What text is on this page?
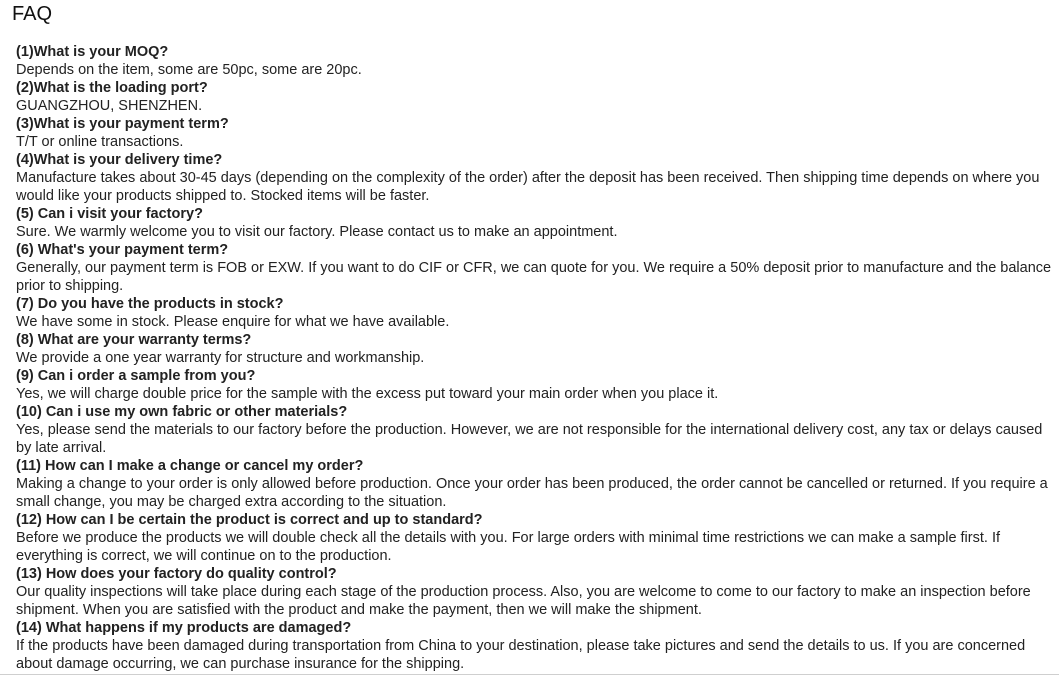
FAQ
(1)What is your MOQ?
Depends on the item, some are 50pc, some are 20pc.
(2)What is the loading port?
GUANGZHOU, SHENZHEN.
(3)What is your payment term?
T/T or online transactions.
(4)What is your delivery time?
Manufacture takes about 30-45 days (depending on the complexity of the order) after the deposit has been received. Then shipping time depends on where you would like your products shipped to. Stocked items will be faster.
(5) Can i visit your factory?
Sure. We warmly welcome you to visit our factory. Please contact us to make an appointment.
(6) What's your payment term?
Generally, our payment term is FOB or EXW. If you want to do CIF or CFR, we can quote for you. We require a 50% deposit prior to manufacture and the balance prior to shipping.
(7) Do you have the products in stock?
We have some in stock. Please enquire for what we have available.
(8) What are your warranty terms?
We provide a one year warranty for structure and workmanship.
(9) Can i order a sample from you?
Yes, we will charge double price for the sample with the excess put toward your main order when you place it.
(10) Can i use my own fabric or other materials?
Yes, please send the materials to our factory before the production. However, we are not responsible for the international delivery cost, any tax or delays caused by late arrival.
(11) How can I make a change or cancel my order?
Making a change to your order is only allowed before production. Once your order has been produced, the order cannot be cancelled or returned. If you require a small change, you may be charged extra according to the situation.
(12) How can I be certain the product is correct and up to standard?
Before we produce the products we will double check all the details with you. For large orders with minimal time restrictions we can make a sample first. If everything is correct, we will continue on to the production.
(13) How does your factory do quality control?
Our quality inspections will take place during each stage of the production process. Also, you are welcome to come to our factory to make an inspection before shipment. When you are satisfied with the product and make the payment, then we will make the shipment.
(14) What happens if my products are damaged?
If the products have been damaged during transportation from China to your destination, please take pictures and send the details to us. If you are concerned about damage occurring, we can purchase insurance for the shipping.
